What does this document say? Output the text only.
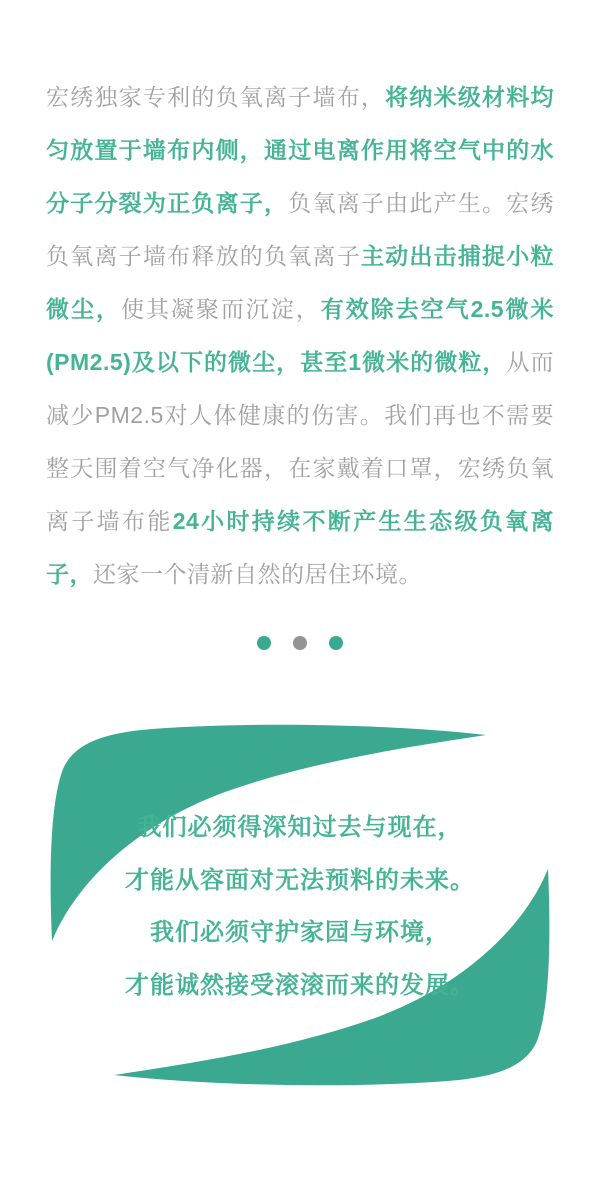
宏绣独家专利的负氧离子墙布，将纳米级材料均匀放置于墙布内侧，通过电离作用将空气中的水分子分裂为正负离子，负氧离子由此产生。宏绣负氧离子墙布释放的负氧离子主动出击捕捉小粒微尘，使其凝聚而沉淀，有效除去空气2.5微米(PM2.5)及以下的微尘，甚至1微米的微粒，从而减少PM2.5对人体健康的伤害。我们再也不需要整天围着空气净化器，在家戴着口罩，宏绣负氧离子墙布能24小时持续不断产生生态级负氧离子，还家一个清新自然的居住环境。

我们必须得深知过去与现在，
才能从容面对无法预料的未来。
我们必须守护家园与环境，
才能诚然接受滚滚而来的发展。
